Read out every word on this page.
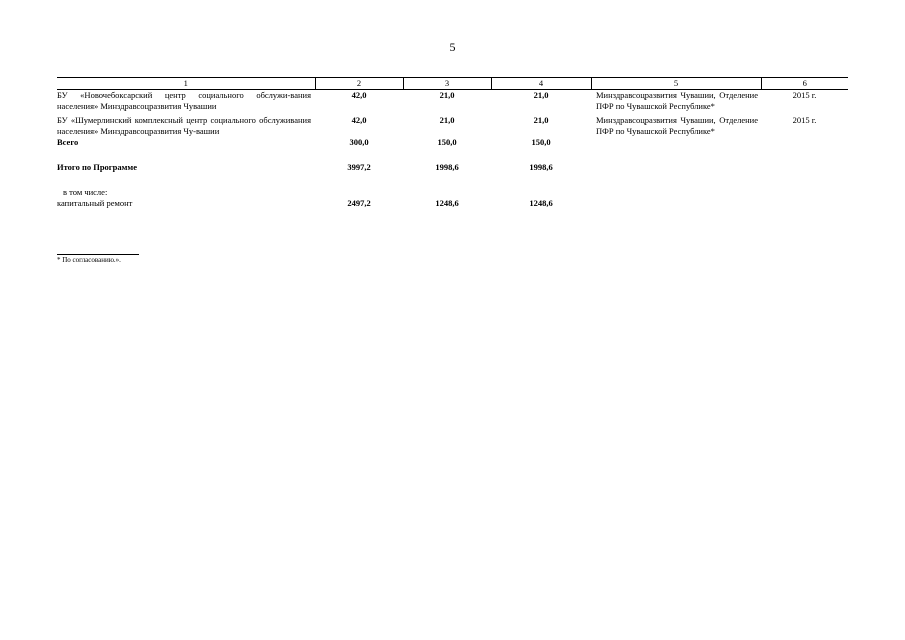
5
1	2	3	4	5	6
БУ «Новочебоксарский центр социального обслужи-вания населения» Минздравсоцразвития Чувашии	42,0	21,0	21,0	Минздравсоцразвития Чувашии, Отделение ПФР по Чувашской Республике*	2015 г.

БУ «Шумерлинский комплексный центр социального обслуживания населения» Минздравсоцразвития Чу-вашии	42,0	21,0	21,0	Минздравсоцразвития Чувашии, Отделение ПФР по Чувашской Республике*	2015 г.
Всего	300,0	150,0	150,0		

Итого по Программе	3997,2	1998,6	1998,6		

в том числе:					
капитальный ремонт	2497,2	1248,6	1248,6		
* По согласованию.».
